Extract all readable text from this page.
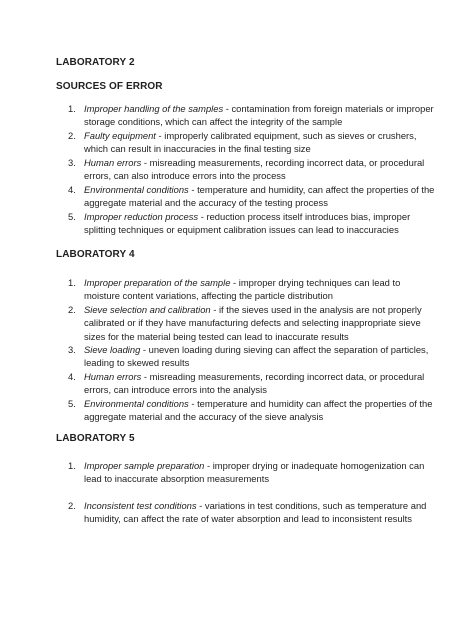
LABORATORY 2
SOURCES OF ERROR
1. Improper handling of the samples - contamination from foreign materials or improper storage conditions, which can affect the integrity of the sample
2. Faulty equipment - improperly calibrated equipment, such as sieves or crushers, which can result in inaccuracies in the final testing size
3. Human errors - misreading measurements, recording incorrect data, or procedural errors, can also introduce errors into the process
4. Environmental conditions - temperature and humidity, can affect the properties of the aggregate material and the accuracy of the testing process
5. Improper reduction process - reduction process itself introduces bias, improper splitting techniques or equipment calibration issues can lead to inaccuracies
LABORATORY 4
1. Improper preparation of the sample - improper drying techniques can lead to moisture content variations, affecting the particle distribution
2. Sieve selection and calibration - if the sieves used in the analysis are not properly calibrated or if they have manufacturing defects and selecting inappropriate sieve sizes for the material being tested can lead to inaccurate results
3. Sieve loading - uneven loading during sieving can affect the separation of particles, leading to skewed results
4. Human errors - misreading measurements, recording incorrect data, or procedural errors, can introduce errors into the analysis
5. Environmental conditions - temperature and humidity can affect the properties of the aggregate material and the accuracy of the sieve analysis
LABORATORY 5
1. Improper sample preparation - improper drying or inadequate homogenization can lead to inaccurate absorption measurements
2. Inconsistent test conditions - variations in test conditions, such as temperature and humidity, can affect the rate of water absorption and lead to inconsistent results
